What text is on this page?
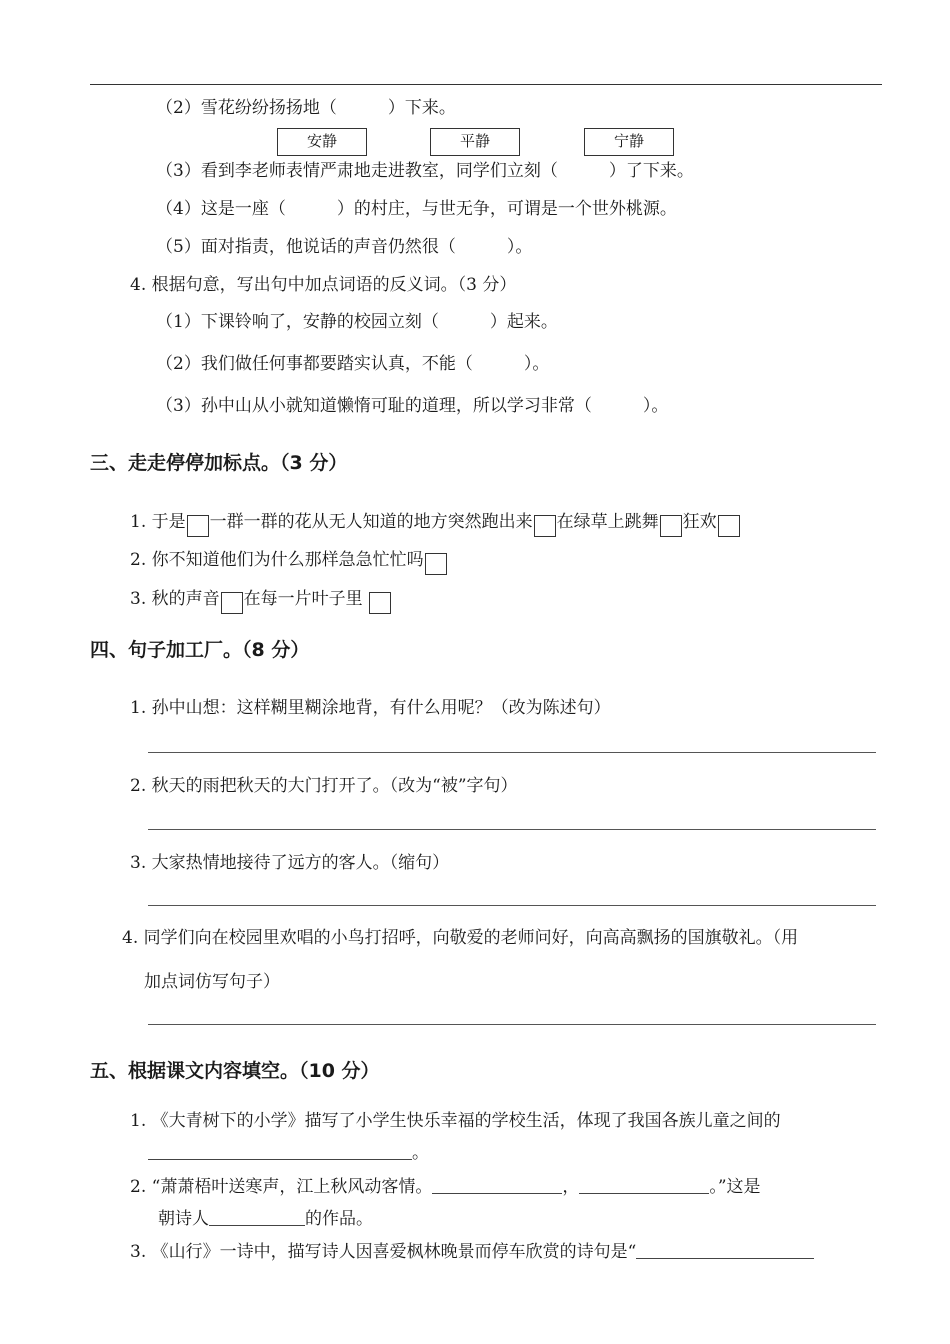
（2）雪花纷纷扬扬地（　　　）下来。
安静	平静	宁静
（3）看到李老师表情严肃地走进教室，同学们立刻（　　　）了下来。
（4）这是一座（　　　）的村庄，与世无争，可谓是一个世外桃源。
（5）面对指责，他说话的声音仍然很（　　　）。
4. 根据句意，写出句中加点词语的反义词。（3 分）
（1）下课铃响了，安静的校园立刻（　　　）起来。
（2）我们做任何事都要踏实认真，不能（　　　）。
（3）孙中山从小就知道懒惰可耻的道理，所以学习非常（　　　）。
三、走走停停加标点。（3 分）
1. 于是 一群一群的花从无人知道的地方突然跑出来 在绿草上跳舞 狂欢
2. 你不知道他们为什么那样急急忙忙吗
3. 秋的声音 在每一片叶子里
四、句子加工厂。（8 分）
1. 孙中山想：这样糊里糊涂地背，有什么用呢？（改为陈述句）
2. 秋天的雨把秋天的大门打开了。（改为“被”字句）
3. 大家热情地接待了远方的客人。（缩句）
4. 同学们向在校园里欢唱的小鸟打招呼，向敬爱的老师问好，向高高飘扬的国旗敬礼。（用
加点词仿写句子）
五、根据课文内容填空。（10 分）
1. 《大青树下的小学》描写了小学生快乐幸福的学校生活，体现了我国各族儿童之间的
。
2. “萧萧梧叶送寒声，江上秋风动客情。	，	。”这是
朝诗人	的作品。
3. 《山行》一诗中，描写诗人因喜爱枫林晚景而停车欣赏的诗句是“
